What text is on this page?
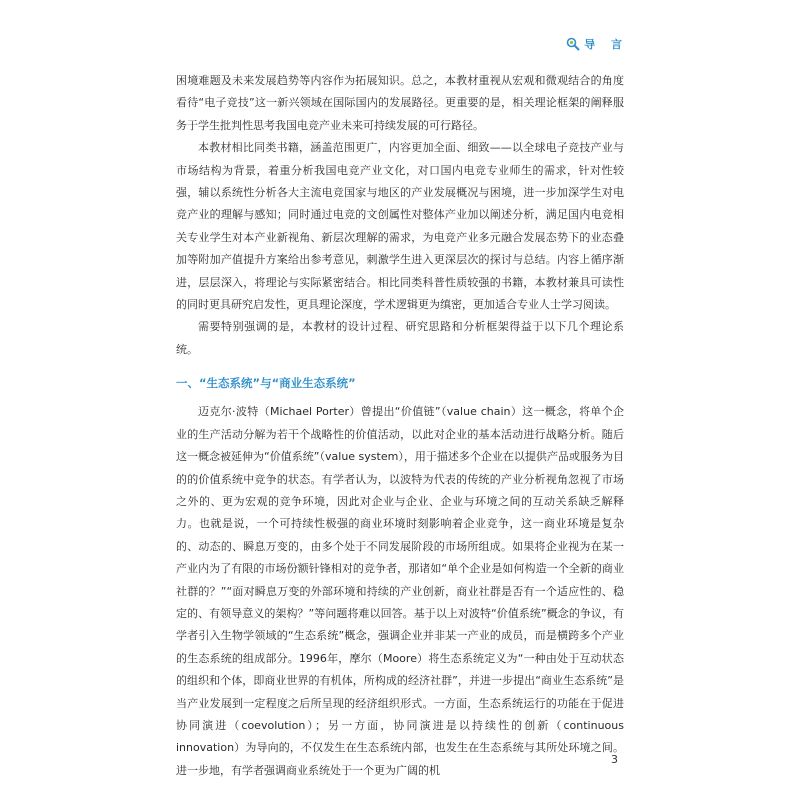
导 言

困境难题及未来发展趋势等内容作为拓展知识。总之，本教材重视从宏观和微观结合的角度看待“电子竞技”这一新兴领域在国际国内的发展路径。更重要的是，相关理论框架的阐释服务于学生批判性思考我国电竞产业未来可持续发展的可行路径。

本教材相比同类书籍，涵盖范围更广，内容更加全面、细致——以全球电子竞技产业与市场结构为背景，着重分析我国电竞产业文化，对口国内电竞专业师生的需求，针对性较强，辅以系统性分析各大主流电竞国家与地区的产业发展概况与困境，进一步加深学生对电竞产业的理解与感知；同时通过电竞的文创属性对整体产业加以阐述分析，满足国内电竞相关专业学生对本产业新视角、新层次理解的需求，为电竞产业多元融合发展态势下的业态叠加等附加产值提升方案给出参考意见，刺激学生进入更深层次的探讨与总结。内容上循序渐进，层层深入，将理论与实际紧密结合。相比同类科普性质较强的书籍，本教材兼具可读性的同时更具研究启发性，更具理论深度，学术逻辑更为缜密，更加适合专业人士学习阅读。

需要特别强调的是，本教材的设计过程、研究思路和分析框架得益于以下几个理论系统。

一、“生态系统”与“商业生态系统”

迈克尔·波特（Michael Porter）曾提出“价值链”（value chain）这一概念，将单个企业的生产活动分解为若干个战略性的价值活动，以此对企业的基本活动进行战略分析。随后这一概念被延伸为“价值系统”（value system），用于描述多个企业在以提供产品或服务为目的的价值系统中竞争的状态。有学者认为，以波特为代表的传统的产业分析视角忽视了市场之外的、更为宏观的竞争环境，因此对企业与企业、企业与环境之间的互动关系缺乏解释力。也就是说，一个可持续性极强的商业环境时刻影响着企业竞争，这一商业环境是复杂的、动态的、瞬息万变的，由多个处于不同发展阶段的市场所组成。如果将企业视为在某一产业内为了有限的市场份额针锋相对的竞争者，那诸如“单个企业是如何构造一个全新的商业社群的？”“面对瞬息万变的外部环境和持续的产业创新，商业社群是否有一个适应性的、稳定的、有领导意义的架构？”等问题将难以回答。基于以上对波特“价值系统”概念的争议，有学者引入生物学领域的“生态系统”概念，强调企业并非某一产业的成员，而是横跨多个产业的生态系统的组成部分。1996年，摩尔（Moore）将生态系统定义为“一种由处于互动状态的组织和个体，即商业世界的有机体，所构成的经济社群”，并进一步提出“商业生态系统”是当产业发展到一定程度之后所呈现的经济组织形式。一方面，生态系统运行的功能在于促进协同演进（coevolution）；另一方面，协同演进是以持续性的创新（continuous innovation）为导向的，不仅发生在生态系统内部，也发生在生态系统与其所处环境之间。进一步地，有学者强调商业系统处于一个更为广阔的机

3
